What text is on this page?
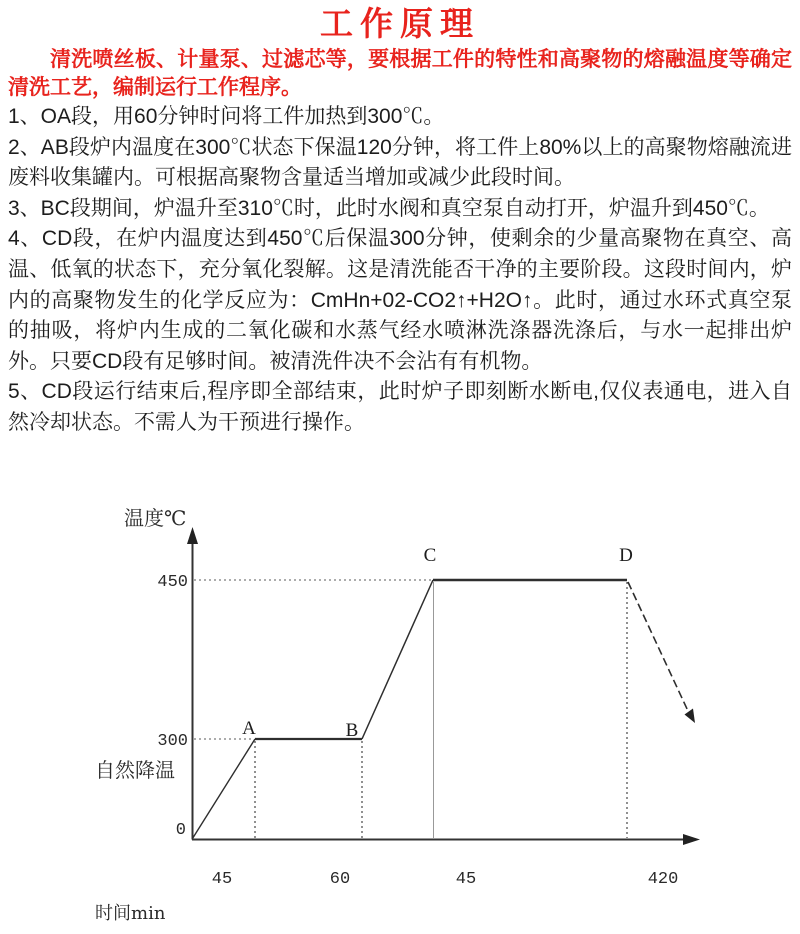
工作原理

清洗喷丝板、计量泵、过滤芯等，要根据工件的特性和高聚物的熔融温度等确定清洗工艺，编制运行工作程序。

1、OA段，用60分钟时问将工件加热到300℃。

2、AB段炉内温度在300℃状态下保温120分钟，将工件上80%以上的高聚物熔融流进废料收集罐内。可根据高聚物含量适当增加或减少此段时间。

3、BC段期间，炉温升至310℃时，此时水阀和真空泵自动打开，炉温升到450℃。

4、CD段，在炉内温度达到450℃后保温300分钟，使剩余的少量高聚物在真空、高温、低氧的状态下，充分氧化裂解。这是清洗能否干净的主要阶段。这段时间内，炉内的高聚物发生的化学反应为：CmHn+02-CO2↑+H2O↑。此时，通过水环式真空泵的抽吸，将炉内生成的二氧化碳和水蒸气经水喷淋洗涤器洗涤后，与水一起排出炉外。只要CD段有足够时间。被清洗件决不会沾有有机物。

5、CD段运行结束后,程序即全部结束，此时炉子即刻断水断电,仅仪表通电，进入自然冷却状态。不需人为干预进行操作。

温度℃
自然降温
时间min
450
300
0
A	B
C	D
45	60	45	420
